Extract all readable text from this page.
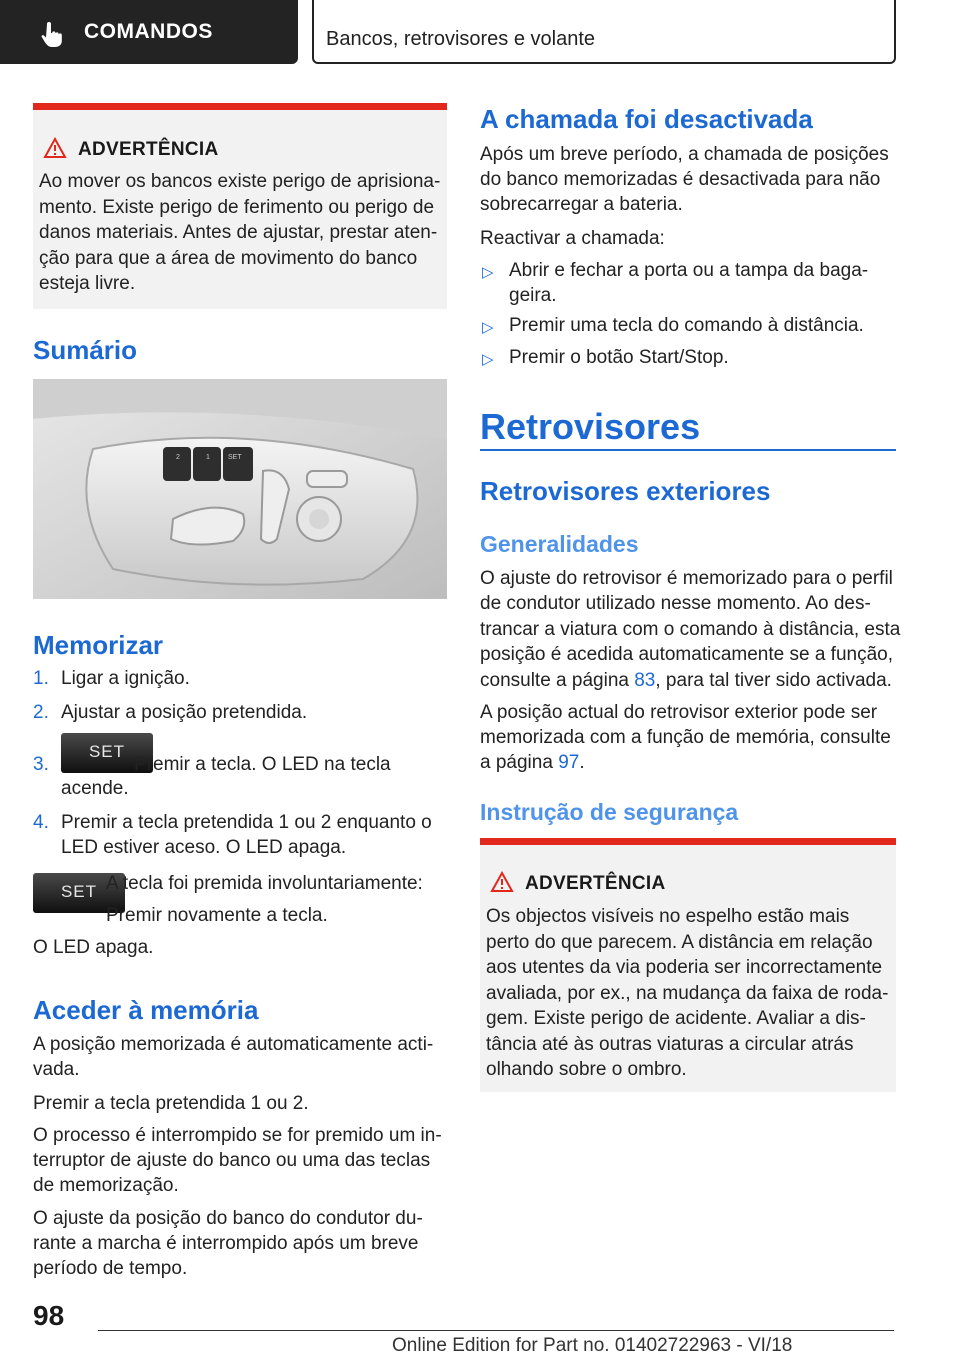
COMANDOS	Bancos, retrovisores e volante
ADVERTÊNCIA
Ao mover os bancos existe perigo de aprisiona‐
mento. Existe perigo de ferimento ou perigo de
danos materiais. Antes de ajustar, prestar aten‐
ção para que a área de movimento do banco
esteja livre.
Sumário
2	1	SET
Memorizar
1. Ligar a ignição.
2. Ajustar a posição pretendida.
3.
SET
Premir a tecla. O LED na tecla
acende.
4. Premir a tecla pretendida 1 ou 2 enquanto o
LED estiver aceso. O LED apaga.
SET A tecla foi premida involuntariamente:
Premir novamente a tecla.
O LED apaga.
Aceder à memória
A posição memorizada é automaticamente acti‐
vada.
Premir a tecla pretendida 1 ou 2.
O processo é interrompido se for premido um in‐
terruptor de ajuste do banco ou uma das teclas
de memorização.
O ajuste da posição do banco do condutor du‐
rante a marcha é interrompido após um breve
período de tempo.
A chamada foi desactivada
Após um breve período, a chamada de posições
do banco memorizadas é desactivada para não
sobrecarregar a bateria.
Reactivar a chamada:
▷ Abrir e fechar a porta ou a tampa da baga‐
geira.
▷ Premir uma tecla do comando à distância.
▷ Premir o botão Start/Stop.
Retrovisores
Retrovisores exteriores
Generalidades
O ajuste do retrovisor é memorizado para o perfil
de condutor utilizado nesse momento. Ao des‐
trancar a viatura com o comando à distância, esta
posição é acedida automaticamente se a função,
consulte a página 83, para tal tiver sido activada.
A posição actual do retrovisor exterior pode ser
memorizada com a função de memória, consulte
a página 97.
Instrução de segurança
ADVERTÊNCIA
Os objectos visíveis no espelho estão mais
perto do que parecem. A distância em relação
aos utentes da via poderia ser incorrectamente
avaliada, por ex., na mudança da faixa de roda‐
gem. Existe perigo de acidente. Avaliar a dis‐
tância até às outras viaturas a circular atrás
olhando sobre o ombro.
98
Online Edition for Part no. 01402722963 - VI/18
